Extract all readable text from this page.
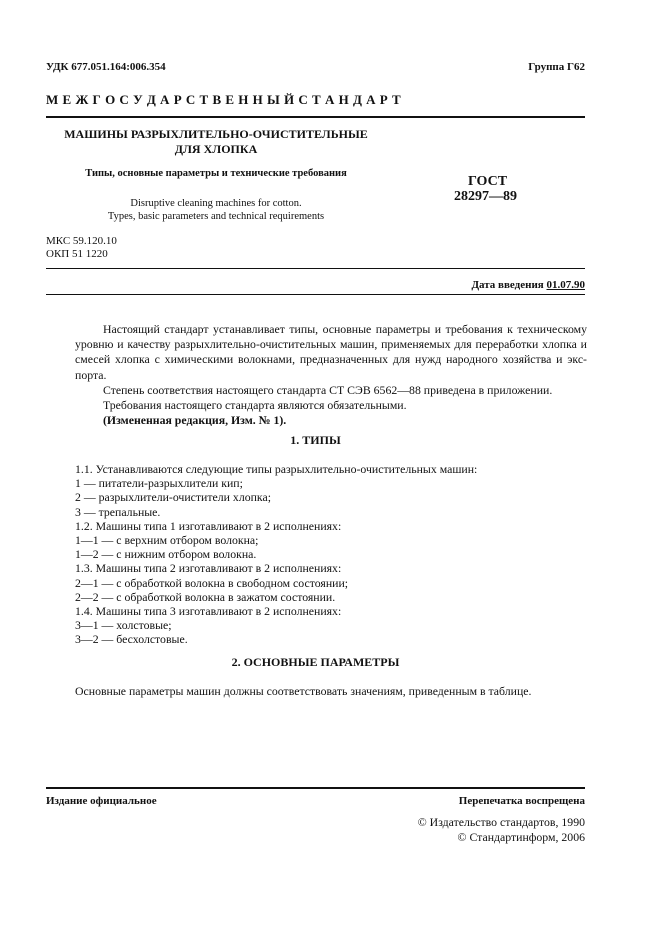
УДК 677.051.164:006.354	Группа Г62
М Е Ж Г О С У Д А Р С Т В Е Н Н Ы Й С Т А Н Д А Р Т
МАШИНЫ РАЗРЫХЛИТЕЛЬНО-ОЧИСТИТЕЛЬНЫЕ
ДЛЯ ХЛОПКА
Типы, основные параметры и технические требования
Disruptive cleaning machines for cotton.
Types, basic parameters and technical requirements
ГОСТ
28297—89
МКС 59.120.10
ОКП 51 1220
Дата введения 01.07.90
Настоящий стандарт устанавливает типы, основные параметры и требования к техническому
уровню и качеству разрыхлительно-очистительных машин, применяемых для переработки хлопка и
смесей хлопка с химическими волокнами, предназначенных для нужд народного хозяйства и экс-
порта.
Степень соответствия настоящего стандарта СТ СЭВ 6562—88 приведена в приложении.
Требования настоящего стандарта являются обязательными.
(Измененная редакция, Изм. № 1).
1. ТИПЫ
1.1. Устанавливаются следующие типы разрыхлительно-очистительных машин:
1 — питатели-разрыхлители кип;
2 — разрыхлители-очистители хлопка;
3 — трепальные.
1.2. Машины типа 1 изготавливают в 2 исполнениях:
1—1 — с верхним отбором волокна;
1—2 — с нижним отбором волокна.
1.3. Машины типа 2 изготавливают в 2 исполнениях:
2—1 — с обработкой волокна в свободном состоянии;
2—2 — с обработкой волокна в зажатом состоянии.
1.4. Машины типа 3 изготавливают в 2 исполнениях:
3—1 — холстовые;
3—2 — бесхолстовые.
2. ОСНОВНЫЕ ПАРАМЕТРЫ
Основные параметры машин должны соответствовать значениям, приведенным в таблице.
Издание официальное	Перепечатка воспрещена
© Издательство стандартов, 1990
© Стандартинформ, 2006
